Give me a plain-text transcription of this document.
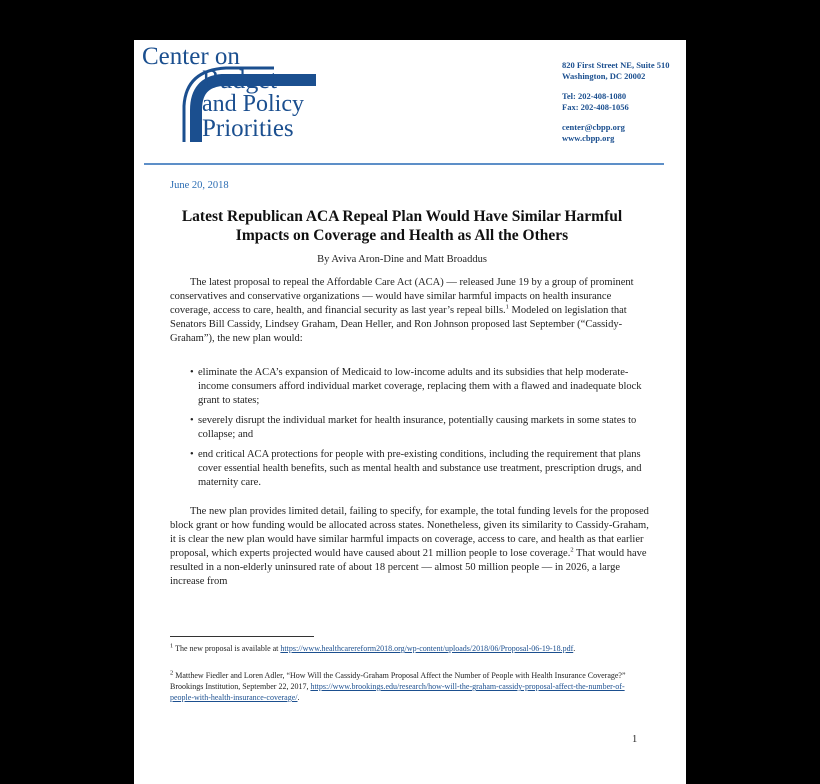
Center on
Budget
and Policy
Priorities
820 First Street NE, Suite 510
Washington, DC 20002
Tel: 202-408-1080
Fax: 202-408-1056
center@cbpp.org
www.cbpp.org
June 20, 2018
Latest Republican ACA Repeal Plan Would Have Similar Harmful Impacts on Coverage and Health as All the Others
By Aviva Aron-Dine and Matt Broaddus
The latest proposal to repeal the Affordable Care Act (ACA) — released June 19 by a group of prominent conservatives and conservative organizations — would have similar harmful impacts on health insurance coverage, access to care, health, and financial security as last year’s repeal bills.$^1$ Modeled on legislation that Senators Bill Cassidy, Lindsey Graham, Dean Heller, and Ron Johnson proposed last September (“Cassidy-Graham”), the new plan would:
• eliminate the ACA’s expansion of Medicaid to low-income adults and its subsidies that help moderate-income consumers afford individual market coverage, replacing them with a flawed and inadequate block grant to states;
• severely disrupt the individual market for health insurance, potentially causing markets in some states to collapse; and
• end critical ACA protections for people with pre-existing conditions, including the requirement that plans cover essential health benefits, such as mental health and substance use treatment, prescription drugs, and maternity care.
The new plan provides limited detail, failing to specify, for example, the total funding levels for the proposed block grant or how funding would be allocated across states. Nonetheless, given its similarity to Cassidy-Graham, it is clear the new plan would have similar harmful impacts on coverage, access to care, and health as that earlier proposal, which experts projected would have caused about 21 million people to lose coverage.$^2$ That would have resulted in a non-elderly uninsured rate of about 18 percent — almost 50 million people — in 2026, a large increase from
$^1$ The new proposal is available at https://www.healthcarereform2018.org/wp-content/uploads/2018/06/Proposal-06-19-18.pdf.
$^2$ Matthew Fiedler and Loren Adler, “How Will the Cassidy-Graham Proposal Affect the Number of People with Health Insurance Coverage?” Brookings Institution, September 22, 2017, https://www.brookings.edu/research/how-will-the-graham-cassidy-proposal-affect-the-number-of-people-with-health-insurance-coverage/.
1
